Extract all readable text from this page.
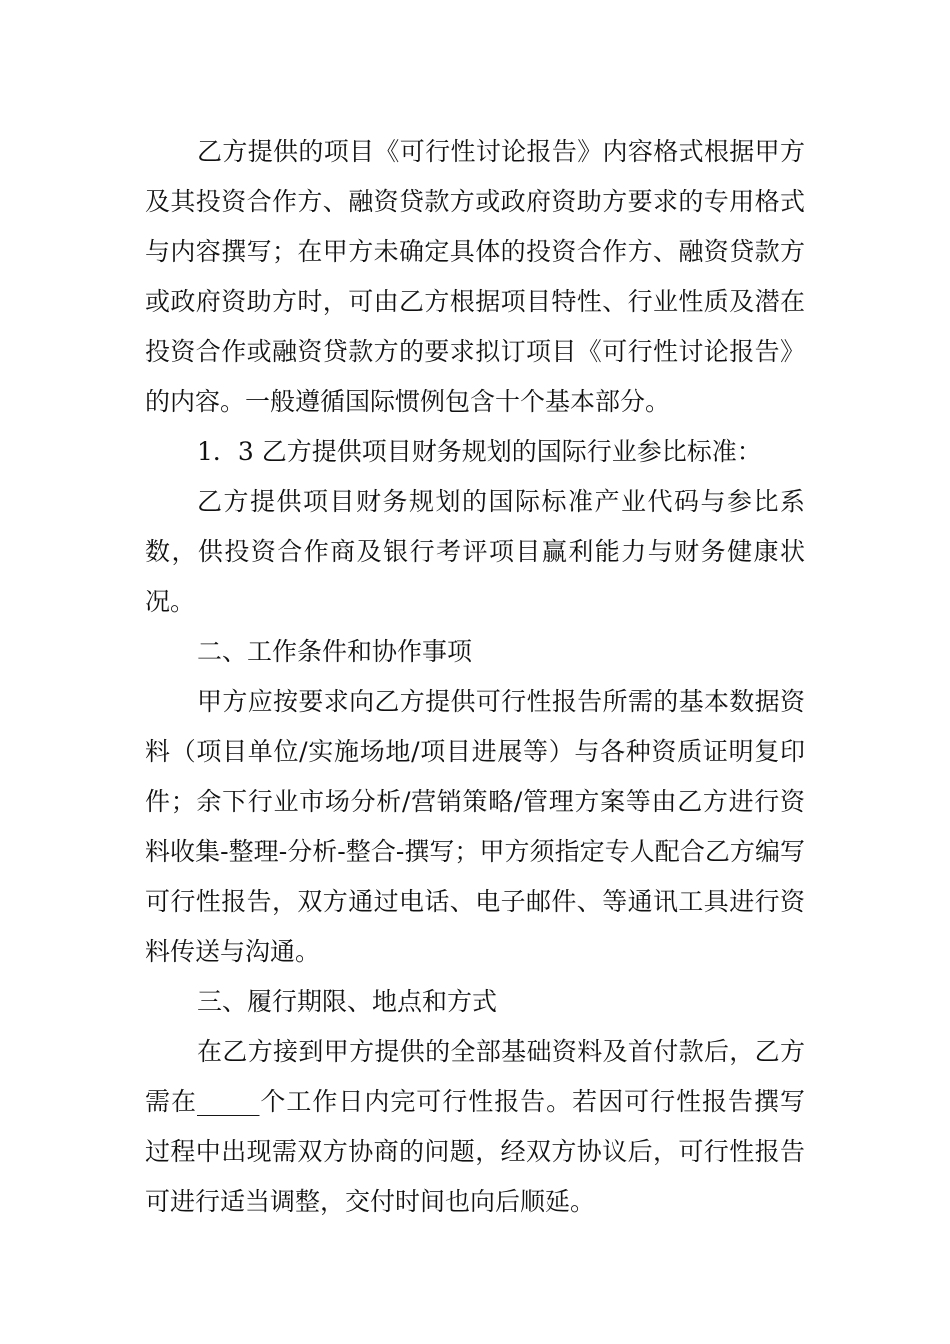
乙方提供的项目《可行性讨论报告》内容格式根据甲方及其投资合作方、融资贷款方或政府资助方要求的专用格式与内容撰写；在甲方未确定具体的投资合作方、融资贷款方或政府资助方时，可由乙方根据项目特性、行业性质及潜在投资合作或融资贷款方的要求拟订项目《可行性讨论报告》的内容。一般遵循国际惯例包含十个基本部分。

1．3 乙方提供项目财务规划的国际行业参比标准：

乙方提供项目财务规划的国际标准产业代码与参比系数，供投资合作商及银行考评项目赢利能力与财务健康状况。

二、工作条件和协作事项

甲方应按要求向乙方提供可行性报告所需的基本数据资料（项目单位/实施场地/项目进展等）与各种资质证明复印件；余下行业市场分析/营销策略/管理方案等由乙方进行资料收集-整理-分析-整合-撰写；甲方须指定专人配合乙方编写可行性报告，双方通过电话、电子邮件、等通讯工具进行资料传送与沟通。

三、履行期限、地点和方式

在乙方接到甲方提供的全部基础资料及首付款后，乙方需在_____个工作日内完可行性报告。若因可行性报告撰写过程中出现需双方协商的问题，经双方协议后，可行性报告可进行适当调整，交付时间也向后顺延。
